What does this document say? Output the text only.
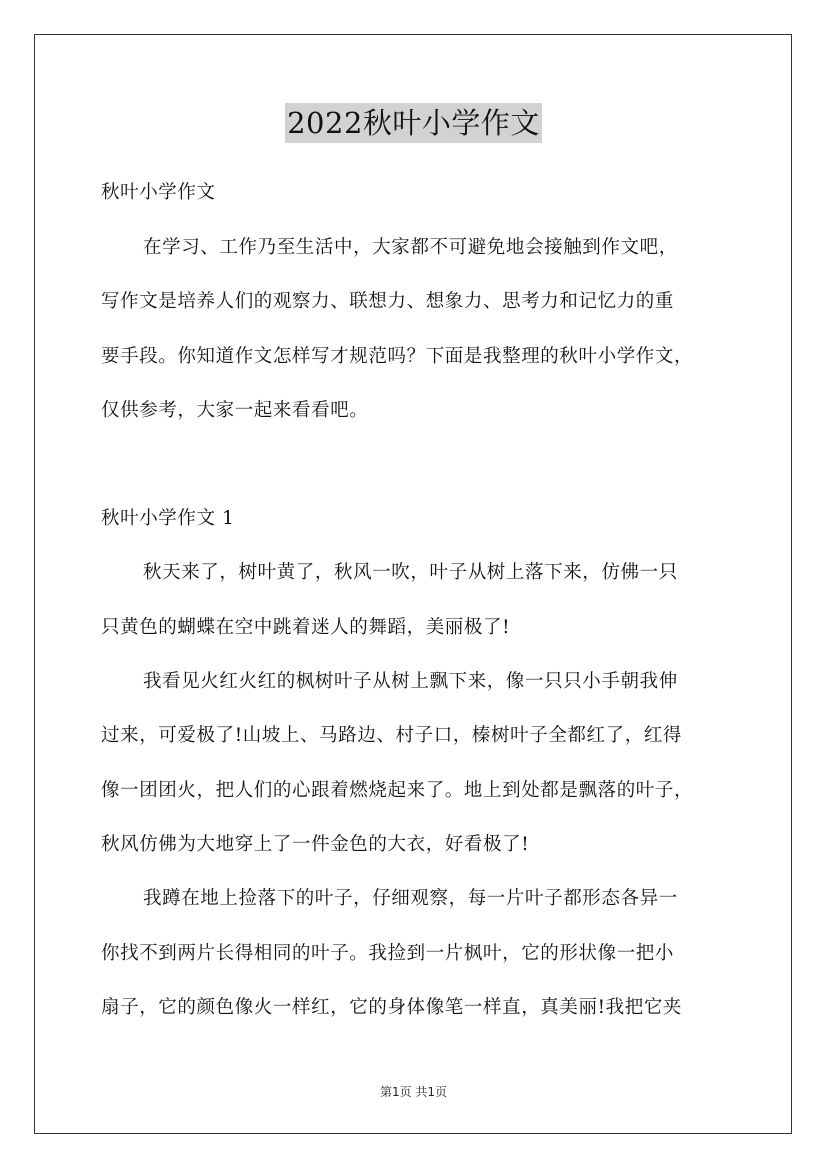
2022秋叶小学作文
秋叶小学作文
在学习、工作乃至生活中，大家都不可避免地会接触到作文吧，
写作文是培养人们的观察力、联想力、想象力、思考力和记忆力的重
要手段。你知道作文怎样写才规范吗？下面是我整理的秋叶小学作文，
仅供参考，大家一起来看看吧。
秋叶小学作文 1
秋天来了，树叶黄了，秋风一吹，叶子从树上落下来，仿佛一只
只黄色的蝴蝶在空中跳着迷人的舞蹈，美丽极了!
我看见火红火红的枫树叶子从树上飘下来，像一只只小手朝我伸
过来，可爱极了!山坡上、马路边、村子口，榛树叶子全都红了，红得
像一团团火，把人们的心跟着燃烧起来了。地上到处都是飘落的叶子，
秋风仿佛为大地穿上了一件金色的大衣，好看极了!
我蹲在地上捡落下的叶子，仔细观察，每一片叶子都形态各异一
你找不到两片长得相同的叶子。我捡到一片枫叶，它的形状像一把小
扇子，它的颜色像火一样红，它的身体像笔一样直，真美丽!我把它夹
第1页 共1页
